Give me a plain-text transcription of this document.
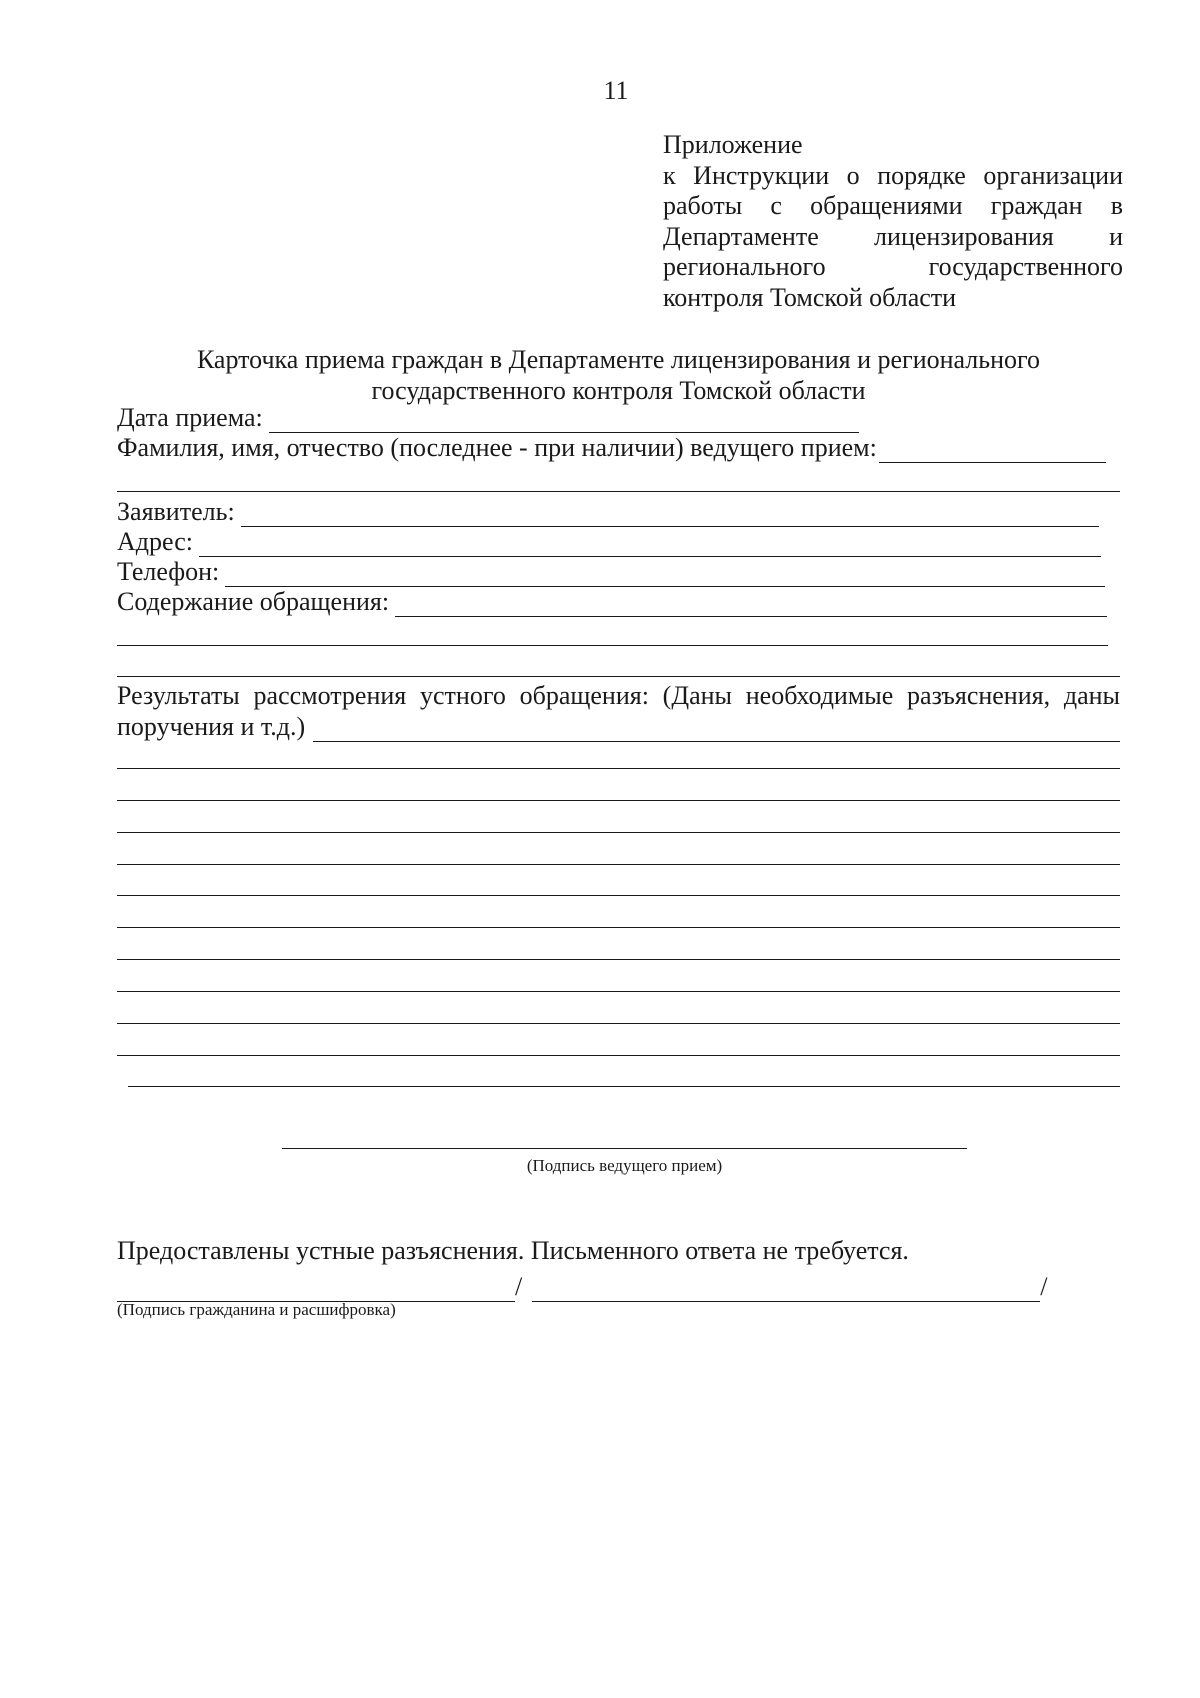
11
Приложение
к Инструкции о порядке организации
работы с обращениями граждан в
Департаменте лицензирования и
регионального государственного
контроля Томской области
Карточка приема граждан в Департаменте лицензирования и регионального
государственного контроля Томской области
Дата приема:
Фамилия, имя, отчество (последнее - при наличии) ведущего прием:
Заявитель:
Адрес:
Телефон:
Содержание обращения:
Результаты рассмотрения устного обращения: (Даны необходимые разъяснения, даны
поручения и т.д.)
(Подпись ведущего прием)
Предоставлены устные разъяснения. Письменного ответа не требуется.
/	/
(Подпись гражданина и расшифровка)
